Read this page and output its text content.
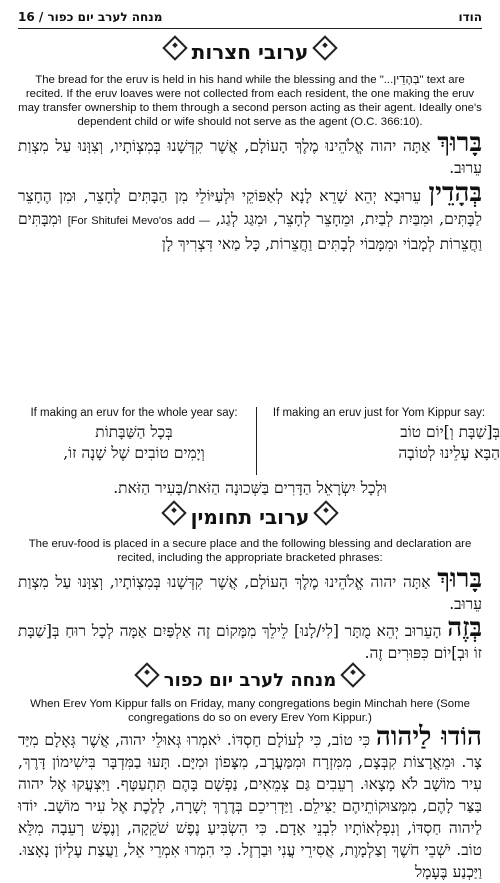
16 / מנחה לערב יום כפור	הודו
ערובי חצרות
The bread for the eruv is held in his hand while the blessing and the "...בְּהָדֵין" text are recited. If the eruv loaves were not collected from each resident, the one making the eruv may transfer ownership to them through a second person acting as their agent. Ideally one's dependent child or wife should not serve as the agent (O.C. 366:10).
בָּרוּךְ אַתָּה יהוה אֱלֹהֵינוּ מֶלֶךְ הָעוֹלָם, אֲשֶׁר קִדְּשָׁנוּ בְּמִצְוֹתָיו, וְצִוָּנוּ עַל מִצְוַת עֵרוּב.
בְּהָדֵין עֵרוּבָא יְהֵא שָׁרֵא לָנָא לְאַפּוֹקֵי וּלְעַיּוֹלֵי מִן הַבָּתִּים לֶחָצֵר, וּמִן הֶחָצֵר לַבָּתִּים, וּמִבַּיִת לְבַיִת, וּמֵחָצֵר לְחָצֵר, וּמִגַּג לְגַג, [For Shitufei Mevo'os add — וּמִבָּתִּים וַחֲצֵרוֹת לְמָבוֹי וּמִמָּבוֹי לְבָתִּים וַחֲצֵרוֹת, כָּל מַאי דִּצְרִיךְ לָן
If making an eruv for the whole year say:
בְּכָל הַשַּׁבָּתוֹת
וְיָמִים טוֹבִים שֶׁל שָׁנָה זוֹ,
If making an eruv just for Yom Kippur say:
בְּ[שַׁבָּת וְ]יוֹם טוֹב
הַבָּא עָלֵינוּ לְטוֹבָה
וּלְכָל יִשְׂרָאֵל הַדָּרִים בַּשְּׁכוּנָה הַזֹּאת/בָּעִיר הַזֹּאת.
ערובי תחומין
The eruv-food is placed in a secure place and the following blessing and declaration are recited, including the appropriate bracketed phrases:
בָּרוּךְ אַתָּה יהוה אֱלֹהֵינוּ מֶלֶךְ הָעוֹלָם, אֲשֶׁר קִדְּשָׁנוּ בְּמִצְוֹתָיו, וְצִוָּנוּ עַל מִצְוַת עֵרוּב.
בְּזֶה הָעֵרוּב יְהֵא מֻתָּר [לִי/לָנוּ] לֵילֵךְ מִמָּקוֹם זֶה אַלְפַּיִם אַמָּה לְכָל רוּחַ בְּ[שַׁבָּת זוֹ וּבְ]יוֹם כִּפּוּרִים זֶה.
מנחה לערב יום כפור
When Erev Yom Kippur falls on Friday, many congregations begin Minchah here (Some congregations do so on every Erev Yom Kippur.)
הוֹדוּ לַיהוה כִּי טוֹב, כִּי לְעוֹלָם חַסְדּוֹ. יֹאמְרוּ גְּאוּלֵי יהוה, אֲשֶׁר גְּאָלָם מִיַּד צָר. וּמֵאֲרָצוֹת קִבְּצָם, מִמִּזְרָח וּמִמַּעֲרָב, מִצָּפוֹן וּמִיָּם. תָּעוּ בַמִּדְבָּר בִּישִׁימוֹן דָּרֶךְ, עִיר מוֹשָׁב לֹא מָצָאוּ. רְעֵבִים גַּם צְמֵאִים, נַפְשָׁם בָּהֶם תִּתְעַטָּף. וַיִּצְעֲקוּ אֶל יהוה בַּצַּר לָהֶם, מִמְּצוּקוֹתֵיהֶם יַצִּילֵם. וַיַּדְרִיכֵם בְּדֶרֶךְ יְשָׁרָה, לָלֶכֶת אֶל עִיר מוֹשָׁב. יוֹדוּ לַיהוה חַסְדּוֹ, וְנִפְלְאוֹתָיו לִבְנֵי אָדָם. כִּי הִשְׂבִּיעַ נֶפֶשׁ שֹׁקֵקָה, וְנֶפֶשׁ רְעֵבָה מִלֵּא טוֹב. יֹשְׁבֵי חֹשֶׁךְ וְצַלְמָוֶת, אֲסִירֵי עֳנִי וּבַרְזֶל. כִּי הִמְרוּ אִמְרֵי אֵל, וַעֲצַת עֶלְיוֹן נָאָצוּ. וַיַּכְנַע בֶּעָמָל
